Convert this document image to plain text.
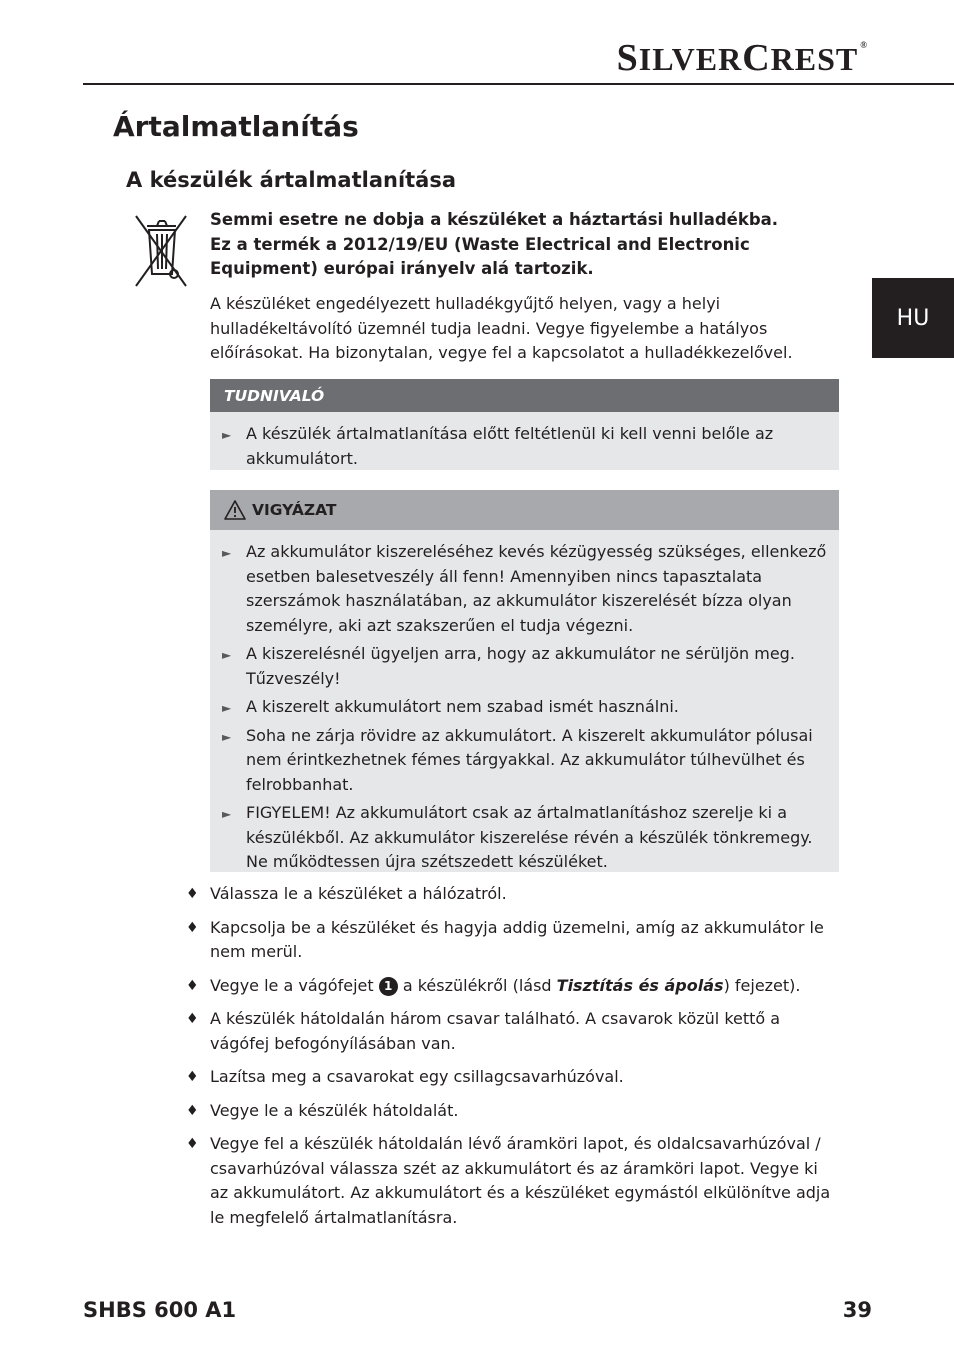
SILVERCREST ®
HU
Ártalmatlanítás
A készülék ártalmatlanítása
Semmi esetre ne dobja a készüléket a háztartási hulladékba.
Ez a termék a 2012/19/EU (Waste Electrical and Electronic
Equipment) európai irányelv alá tartozik.
A készüléket engedélyezett hulladékgyűjtő helyen, vagy a helyi hulladékeltávolító üzemnél tudja leadni. Vegye figyelembe a hatályos előírásokat. Ha bizonytalan, vegye fel a kapcsolatot a hulladékkezelővel.
TUDNIVALÓ
► A készülék ártalmatlanítása előtt feltétlenül ki kell venni belőle az akkumulátort.
VIGYÁZAT
► Az akkumulátor kiszereléséhez kevés kézügyesség szükséges, ellenkező esetben balesetveszély áll fenn! Amennyiben nincs tapasztalata szerszámok használatában, az akkumulátor kiszerelését bízza olyan személyre, aki azt szakszerűen el tudja végezni.
► A kiszerelésnél ügyeljen arra, hogy az akkumulátor ne sérüljön meg. Tűzveszély!
► A kiszerelt akkumulátort nem szabad ismét használni.
► Soha ne zárja rövidre az akkumulátort. A kiszerelt akkumulátor pólusai nem érintkezhetnek fémes tárgyakkal. Az akkumulátor túlhevülhet és felrobbanhat.
► FIGYELEM! Az akkumulátort csak az ártalmatlanításhoz szerelje ki a készülékből. Az akkumulátor kiszerelése révén a készülék tönkremegy. Ne működtessen újra szétszedett készüléket.
♦ Válassza le a készüléket a hálózatról.
♦ Kapcsolja be a készüléket és hagyja addig üzemelni, amíg az akkumulátor le nem merül.
♦ Vegye le a vágófejet 1 a készülékről (lásd Tisztítás és ápolás) fejezet).
♦ A készülék hátoldalán három csavar található. A csavarok közül kettő a vágófej befogónyílásában van.
♦ Lazítsa meg a csavarokat egy csillagcsavarhúzóval.
♦ Vegye le a készülék hátoldalát.
♦ Vegye fel a készülék hátoldalán lévő áramköri lapot, és oldalcsavarhúzóval / csavarhúzóval válassza szét az akkumulátort és az áramköri lapot. Vegye ki az akkumulátort. Az akkumulátort és a készüléket egymástól elkülönítve adja le megfelelő ártalmatlanításra.
SHBS 600 A1	39
